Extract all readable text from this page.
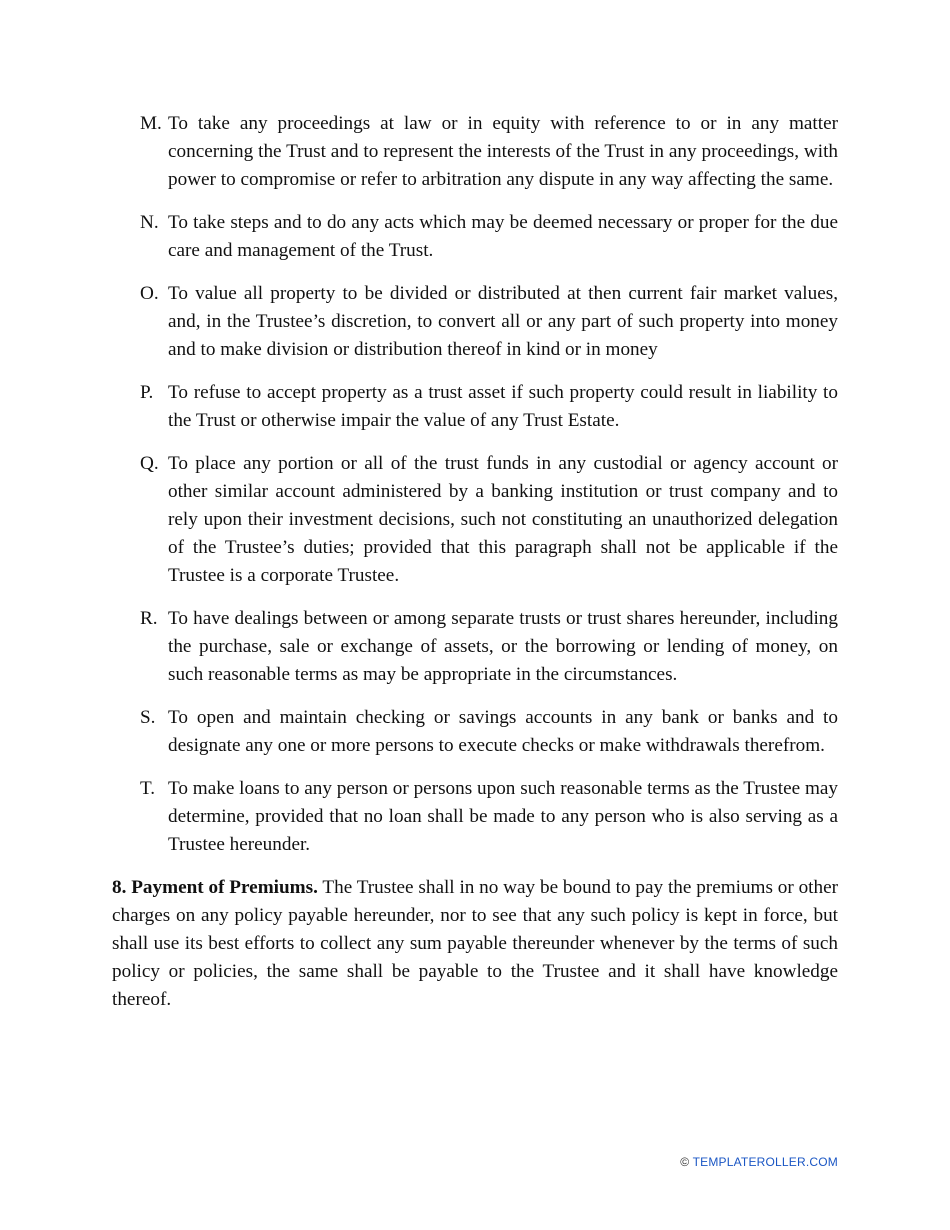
M. To take any proceedings at law or in equity with reference to or in any matter concerning the Trust and to represent the interests of the Trust in any proceedings, with power to compromise or refer to arbitration any dispute in any way affecting the same.
N. To take steps and to do any acts which may be deemed necessary or proper for the due care and management of the Trust.
O. To value all property to be divided or distributed at then current fair market values, and, in the Trustee’s discretion, to convert all or any part of such property into money and to make division or distribution thereof in kind or in money
P. To refuse to accept property as a trust asset if such property could result in liability to the Trust or otherwise impair the value of any Trust Estate.
Q. To place any portion or all of the trust funds in any custodial or agency account or other similar account administered by a banking institution or trust company and to rely upon their investment decisions, such not constituting an unauthorized delegation of the Trustee’s duties; provided that this paragraph shall not be applicable if the Trustee is a corporate Trustee.
R. To have dealings between or among separate trusts or trust shares hereunder, including the purchase, sale or exchange of assets, or the borrowing or lending of money, on such reasonable terms as may be appropriate in the circumstances.
S. To open and maintain checking or savings accounts in any bank or banks and to designate any one or more persons to execute checks or make withdrawals therefrom.
T. To make loans to any person or persons upon such reasonable terms as the Trustee may determine, provided that no loan shall be made to any person who is also serving as a Trustee hereunder.

8. Payment of Premiums. The Trustee shall in no way be bound to pay the premiums or other charges on any policy payable hereunder, nor to see that any such policy is kept in force, but shall use its best efforts to collect any sum payable thereunder whenever by the terms of such policy or policies, the same shall be payable to the Trustee and it shall have knowledge thereof.

© TEMPLATEROLLER.COM
